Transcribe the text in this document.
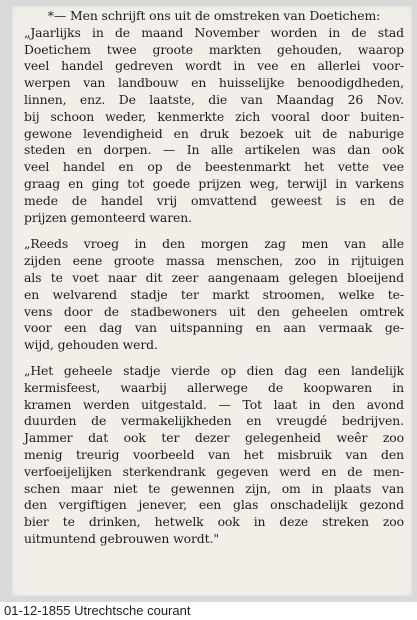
*— Men schrijft ons uit de omstreken van Doetichem:
„Jaarlijks in de maand November worden in de stad
Doetichem twee groote markten gehouden, waarop
veel handel gedreven wordt in vee en allerlei voor-
werpen van landbouw en huisselijke benoodigdheden,
linnen, enz. De laatste, die van Maandag 26 Nov.
bij schoon weder, kenmerkte zich vooral door buiten-
gewone levendigheid en druk bezoek uit de naburige
steden en dorpen. — In alle artikelen was dan ook
veel handel en op de beestenmarkt het vette vee
graag en ging tot goede prijzen weg, terwijl in varkens
mede de handel vrij omvattend geweest is en de
prijzen gemonteerd waren.
„Reeds vroeg in den morgen zag men van alle
zijden eene groote massa menschen, zoo in rijtuigen
als te voet naar dit zeer aangenaam gelegen bloeijend
en welvarend stadje ter markt stroomen, welke te-
vens door de stadbewoners uit den geheelen omtrek
voor een dag van uitspanning en aan vermaak ge-
wijd, gehouden werd.
„Het geheele stadje vierde op dien dag een landelijk
kermisfeest, waarbij allerwege de koopwaren in
kramen werden uitgestald. — Tot laat in den avond
duurden de vermakelijkheden en vreugdé bedrijven.
Jammer dat ook ter dezer gelegenheid weêr zoo
menig treurig voorbeeld van het misbruik van den
verfoeijelijken sterkendrank gegeven werd en de men-
schen maar niet te gewennen zijn, om in plaats van
den vergiftigen jenever, een glas onschadelijk gezond
bier te drinken, hetwelk ook in deze streken zoo
uitmuntend gebrouwen wordt."
01-12-1855 Utrechtsche courant
